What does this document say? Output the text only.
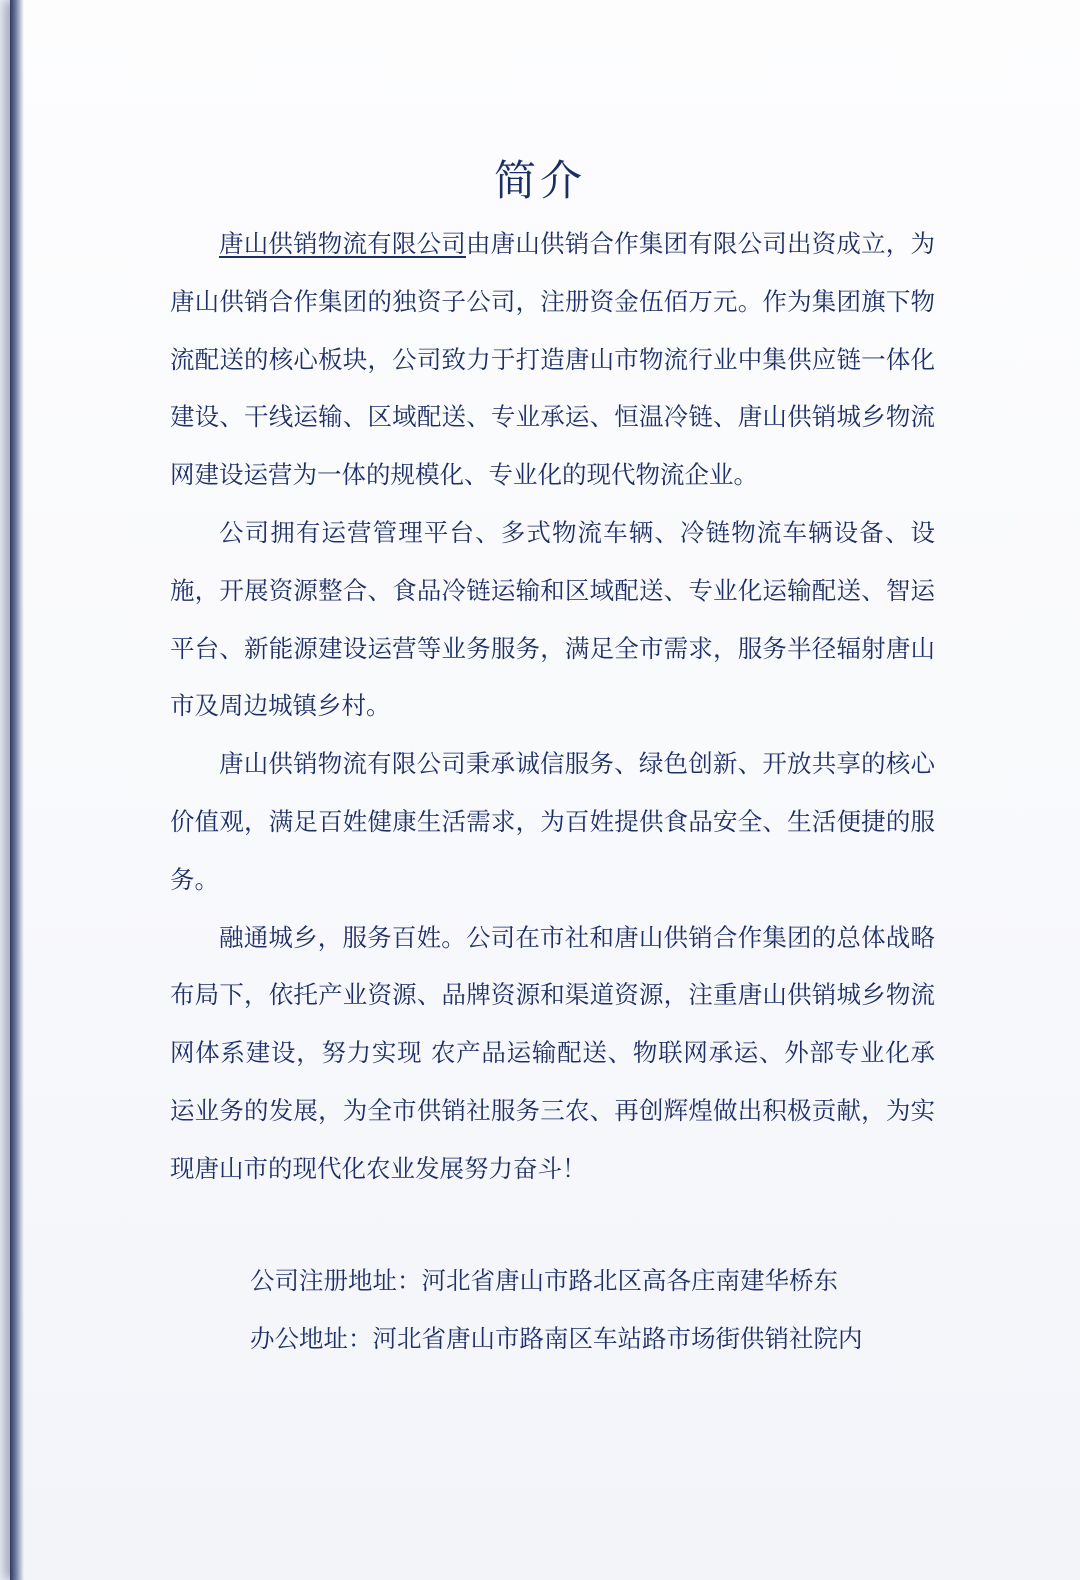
简介

唐山供销物流有限公司由唐山供销合作集团有限公司出资成立，为唐山供销合作集团的独资子公司，注册资金伍佰万元。作为集团旗下物流配送的核心板块，公司致力于打造唐山市物流行业中集供应链一体化建设、干线运输、区域配送、专业承运、恒温冷链、唐山供销城乡物流网建设运营为一体的规模化、专业化的现代物流企业。

公司拥有运营管理平台、多式物流车辆、冷链物流车辆设备、设施，开展资源整合、食品冷链运输和区域配送、专业化运输配送、智运平台、新能源建设运营等业务服务，满足全市需求，服务半径辐射唐山市及周边城镇乡村。

唐山供销物流有限公司秉承诚信服务、绿色创新、开放共享的核心价值观，满足百姓健康生活需求，为百姓提供食品安全、生活便捷的服务。

融通城乡，服务百姓。公司在市社和唐山供销合作集团的总体战略布局下，依托产业资源、品牌资源和渠道资源，注重唐山供销城乡物流网体系建设，努力实现 农产品运输配送、物联网承运、外部专业化承运业务的发展，为全市供销社服务三农、再创辉煌做出积极贡献，为实现唐山市的现代化农业发展努力奋斗！

公司注册地址：河北省唐山市路北区高各庄南建华桥东

办公地址：河北省唐山市路南区车站路市场街供销社院内
